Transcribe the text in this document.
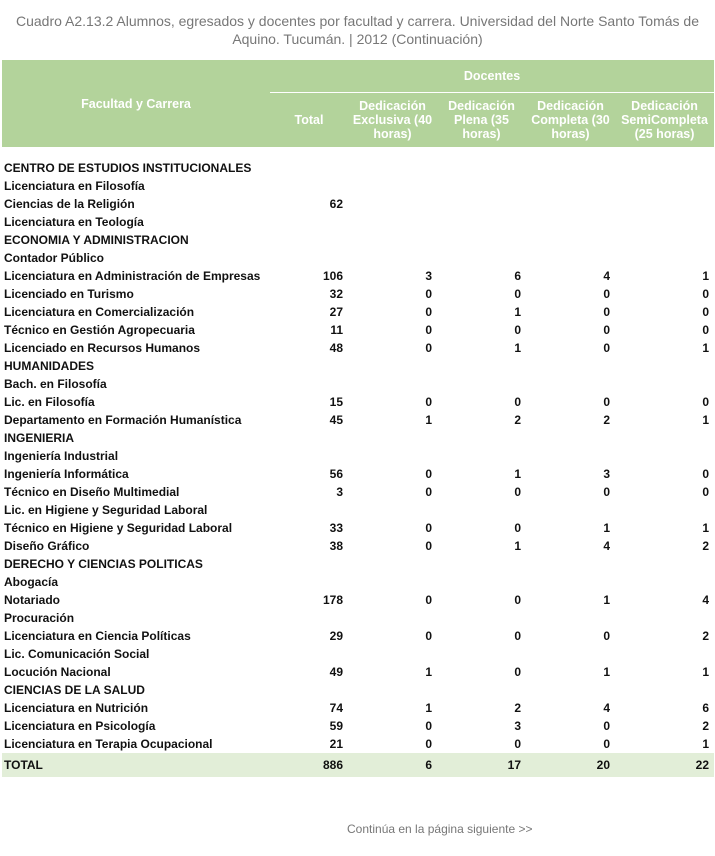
Cuadro A2.13.2 Alumnos, egresados y docentes por facultad y carrera. Universidad del Norte Santo Tomás de Aquino. Tucumán. | 2012 (Continuación)
Facultad y Carrera	Docentes				
	Total	Dedicación Exclusiva (40 horas)	Dedicación Plena (35 horas)	Dedicación Completa (30 horas)	Dedicación SemiCompleta (25 horas)

CENTRO DE ESTUDIOS INSTITUCIONALES					
Licenciatura en Filosofía					
Ciencias de la Religión	62				
Licenciatura en Teología					
ECONOMIA Y ADMINISTRACION					
Contador Público					
Licenciatura en Administración de Empresas	106	3	6	4	1
Licenciado en Turismo	32	0	0	0	0
Licenciatura en Comercialización	27	0	1	0	0
Técnico en Gestión Agropecuaria	11	0	0	0	0
Licenciado en Recursos Humanos	48	0	1	0	1
HUMANIDADES					
Bach. en Filosofía					
Lic. en Filosofía	15	0	0	0	0
Departamento en Formación Humanística	45	1	2	2	1
INGENIERIA					
Ingeniería Industrial					
Ingeniería Informática	56	0	1	3	0
Técnico en Diseño Multimedial	3	0	0	0	0
Lic. en Higiene y Seguridad Laboral					
Técnico en Higiene y Seguridad Laboral	33	0	0	1	1
Diseño Gráfico	38	0	1	4	2
DERECHO Y CIENCIAS POLITICAS					
Abogacía					
Notariado	178	0	0	1	4
Procuración					
Licenciatura en Ciencia Políticas	29	0	0	0	2
Lic. Comunicación Social					
Locución Nacional	49	1	0	1	1
CIENCIAS DE LA SALUD					
Licenciatura en Nutrición	74	1	2	4	6
Licenciatura en Psicología	59	0	3	0	2
Licenciatura en Terapia Ocupacional	21	0	0	0	1
TOTAL	886	6	17	20	22
Continúa en la página siguiente >>
